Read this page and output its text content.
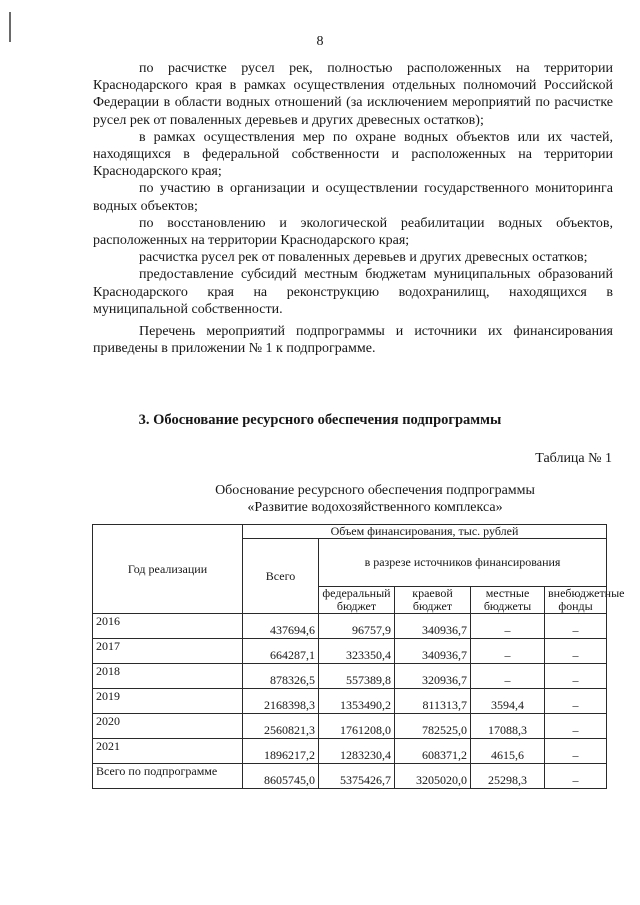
8

по расчистке русел рек, полностью расположенных на территории Краснодарского края в рамках осуществления отдельных полномочий Российской Федерации в области водных отношений (за исключением мероприятий по расчистке русел рек от поваленных деревьев и других древесных остатков);

в рамках осуществления мер по охране водных объектов или их частей, находящихся в федеральной собственности и расположенных на территории Краснодарского края;

по участию в организации и осуществлении государственного мониторинга водных объектов;

по восстановлению и экологической реабилитации водных объектов, расположенных на территории Краснодарского края;

расчистка русел рек от поваленных деревьев и других древесных остатков;

предоставление субсидий местным бюджетам муниципальных образований Краснодарского края на реконструкцию водохранилищ, находящихся в муниципальной собственности.

Перечень мероприятий подпрограммы и источники их финансирования приведены в приложении № 1 к подпрограмме.

3. Обоснование ресурсного обеспечения подпрограммы
Таблица № 1
Обоснование ресурсного обеспечения подпрограммы
«Развитие водохозяйственного комплекса»
Год реализации	Объем финансирования, тыс. рублей				
	Всего	в разрезе источников финансирования			
		федеральный бюджет	краевой бюджет	местные бюджеты	внебюджетные фонды
2016	437694,6	96757,9	340936,7	–	–
2017	664287,1	323350,4	340936,7	–	–
2018	878326,5	557389,8	320936,7	–	–
2019	2168398,3	1353490,2	811313,7	3594,4	–
2020	2560821,3	1761208,0	782525,0	17088,3	–
2021	1896217,2	1283230,4	608371,2	4615,6	–
Всего по подпрограмме	8605745,0	5375426,7	3205020,0	25298,3	–
